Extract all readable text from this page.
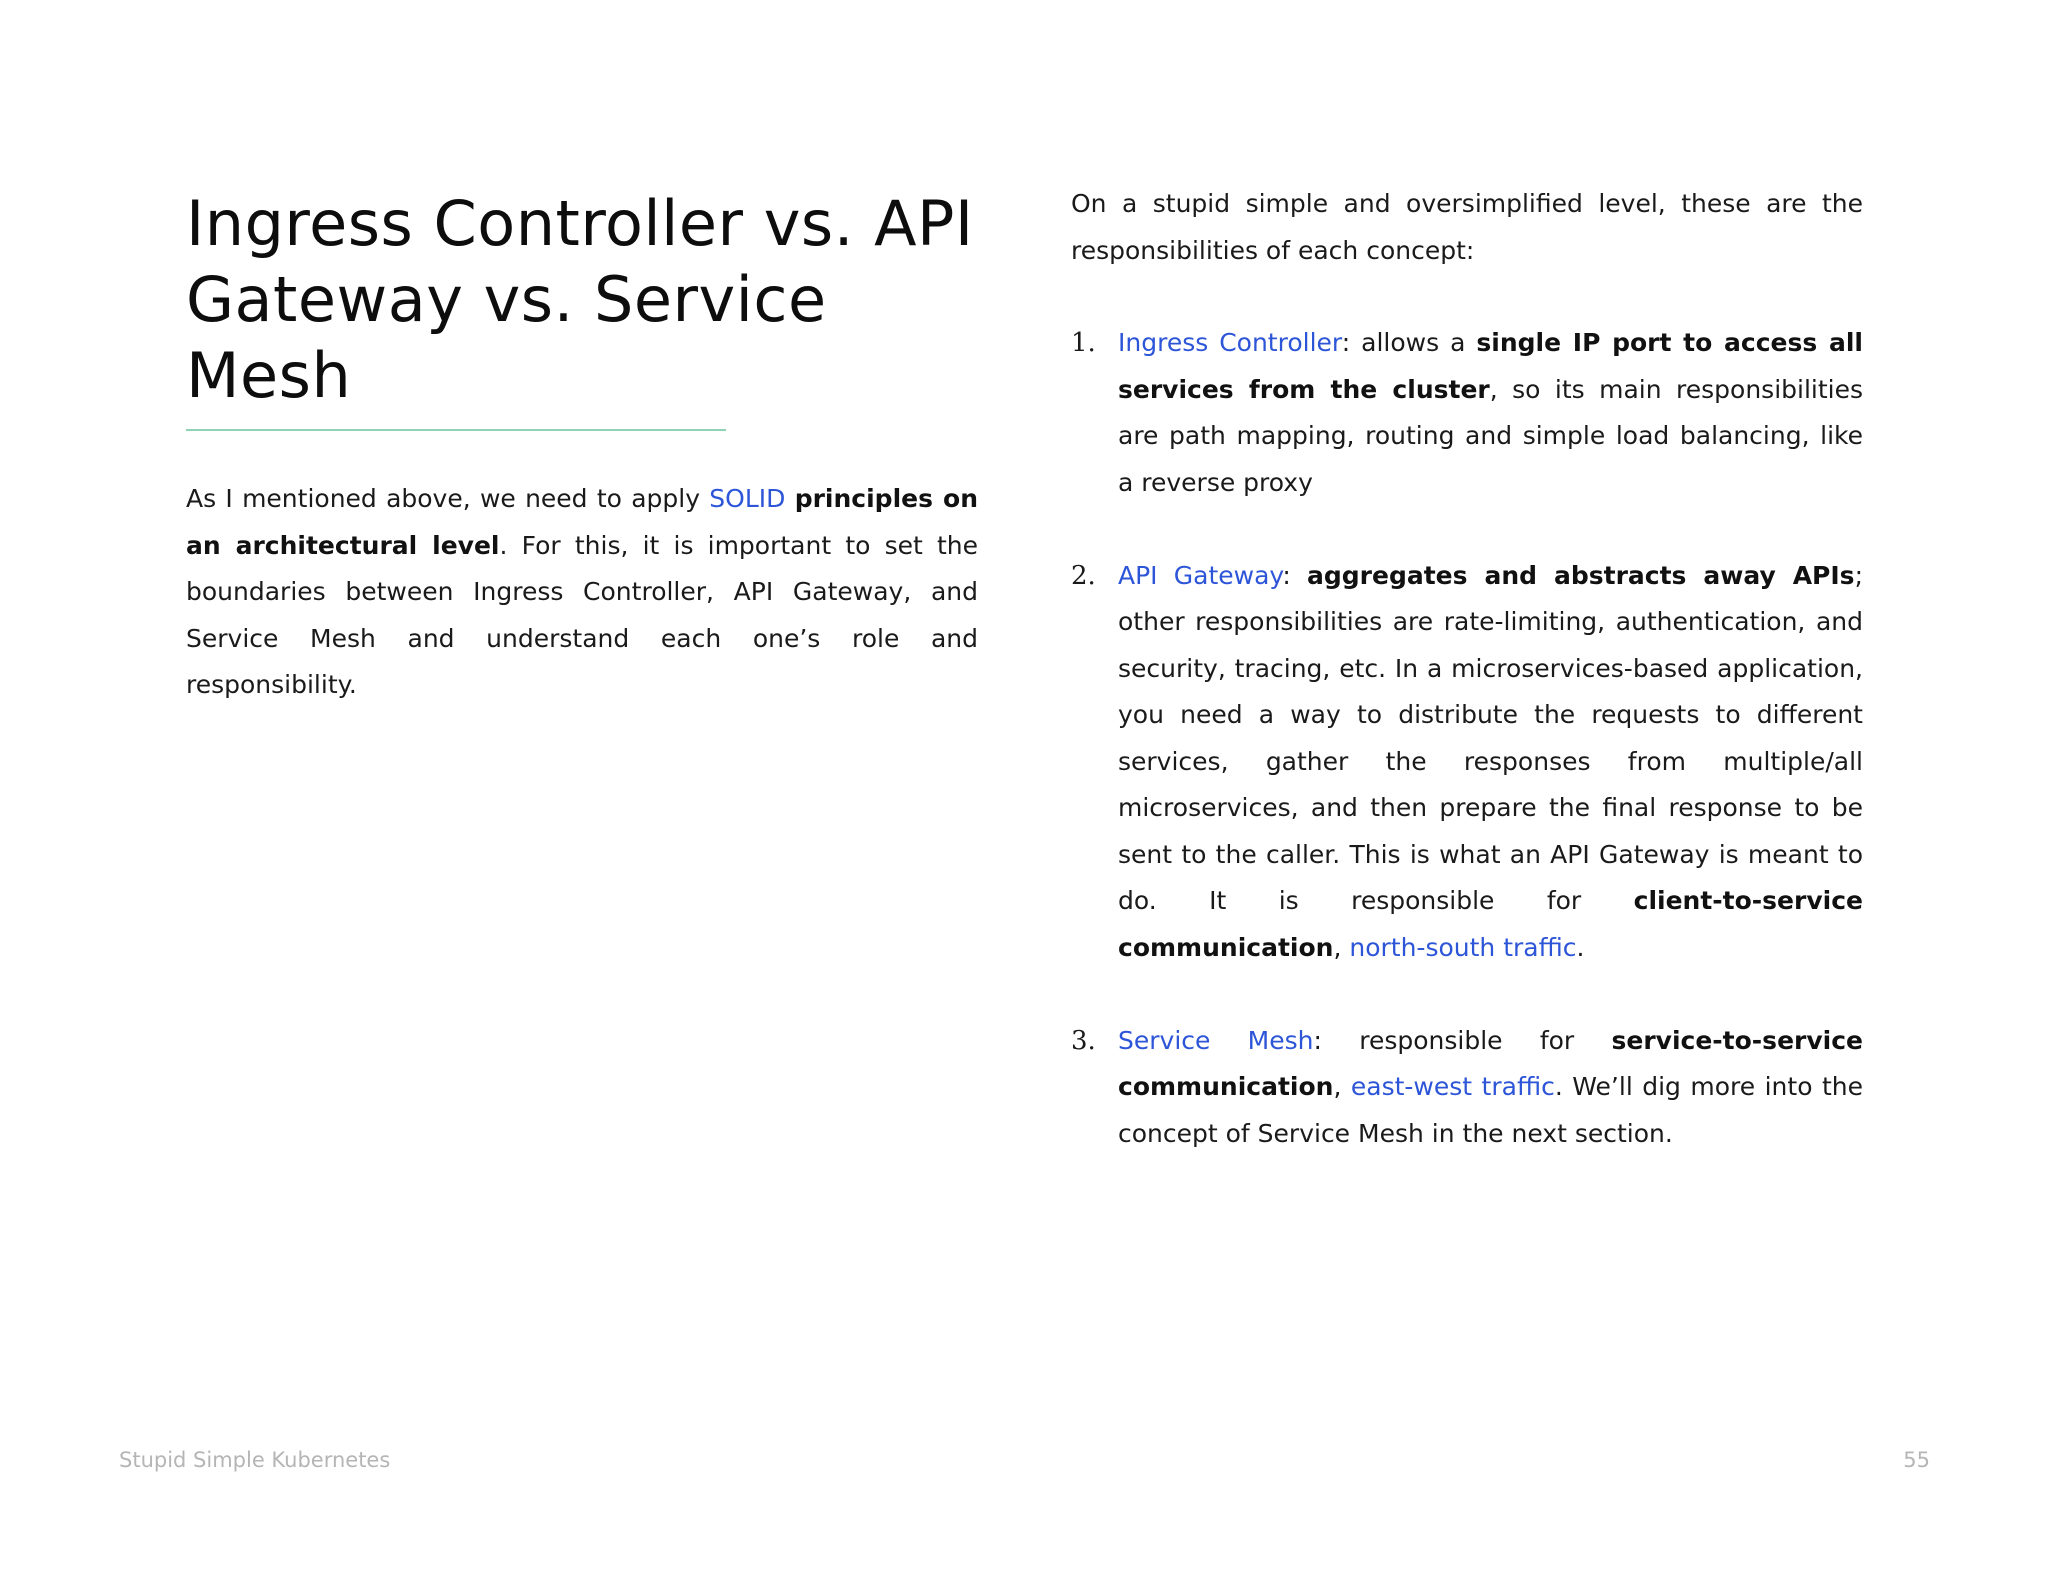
Ingress Controller vs. API Gateway vs. Service Mesh

As I mentioned above, we need to apply SOLID principles on an architectural level. For this, it is important to set the boundaries between Ingress Controller, API Gateway, and Service Mesh and understand each one’s role and responsibility.

On a stupid simple and oversimplified level, these are the responsibilities of each concept:

1. Ingress Controller: allows a single IP port to access all services from the cluster, so its main responsibilities are path mapping, routing and simple load balancing, like a reverse proxy

2. API Gateway: aggregates and abstracts away APIs; other responsibilities are rate-limiting, authentication, and security, tracing, etc. In a microservices-based application, you need a way to distribute the requests to different services, gather the responses from multiple/all microservices, and then prepare the final response to be sent to the caller. This is what an API Gateway is meant to do. It is responsible for client-to-service communication, north-south traffic.

3. Service Mesh: responsible for service-to-service communication, east-west traffic. We’ll dig more into the concept of Service Mesh in the next section.

Stupid Simple Kubernetes	55
